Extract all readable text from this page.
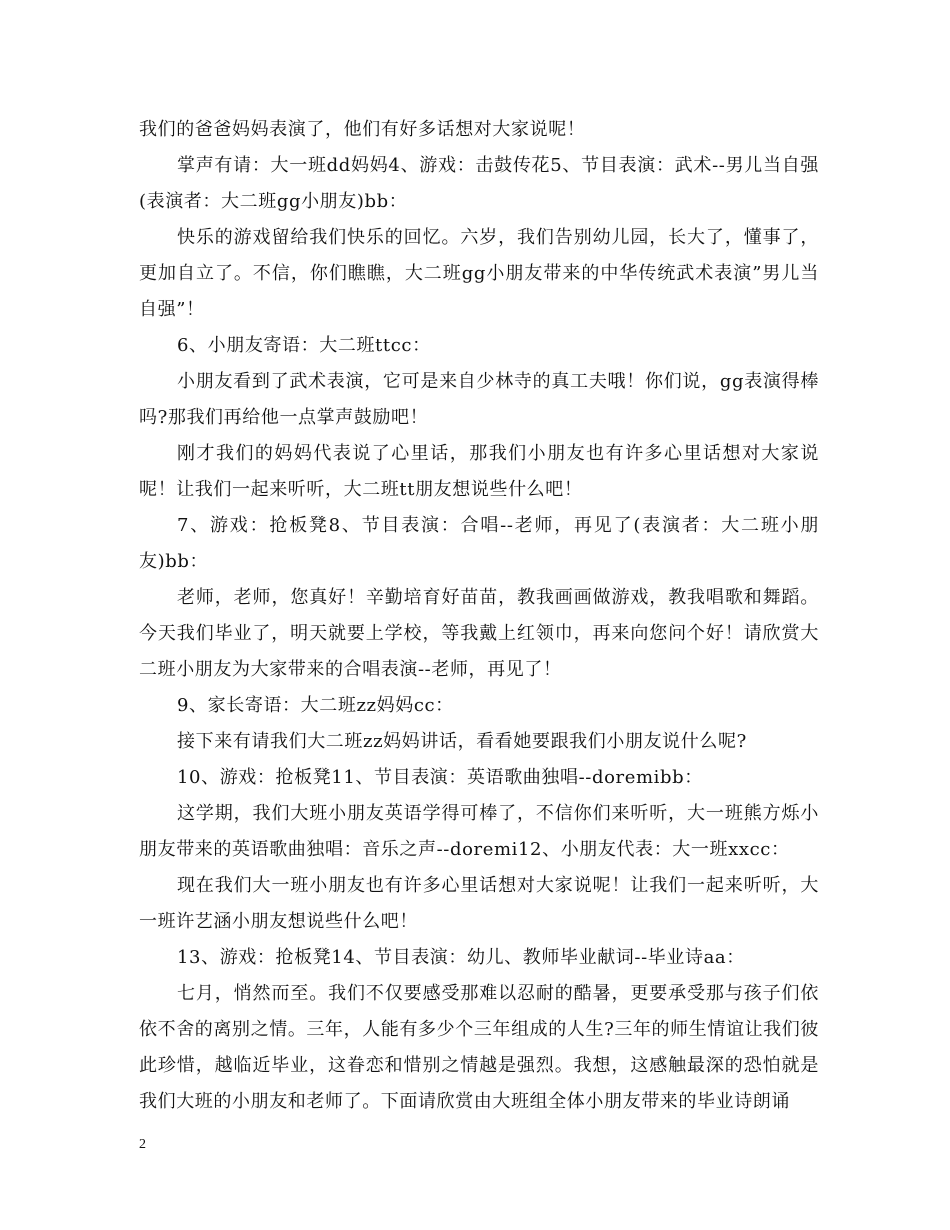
我们的爸爸妈妈表演了，他们有好多话想对大家说呢！

掌声有请：大一班dd妈妈4、游戏：击鼓传花5、节目表演：武术--男儿当自强(表演者：大二班gg小朋友)bb：

快乐的游戏留给我们快乐的回忆。六岁，我们告别幼儿园，长大了，懂事了，更加自立了。不信，你们瞧瞧，大二班gg小朋友带来的中华传统武术表演”男儿当自强”！

6、小朋友寄语：大二班ttcc：

小朋友看到了武术表演，它可是来自少林寺的真工夫哦！你们说，gg表演得棒吗?那我们再给他一点掌声鼓励吧！

刚才我们的妈妈代表说了心里话，那我们小朋友也有许多心里话想对大家说呢！让我们一起来听听，大二班tt朋友想说些什么吧！

7、游戏：抢板凳8、节目表演：合唱--老师，再见了(表演者：大二班小朋友)bb：

老师，老师，您真好！辛勤培育好苗苗，教我画画做游戏，教我唱歌和舞蹈。今天我们毕业了，明天就要上学校，等我戴上红领巾，再来向您问个好！请欣赏大二班小朋友为大家带来的合唱表演--老师，再见了！

9、家长寄语：大二班zz妈妈cc：

接下来有请我们大二班zz妈妈讲话，看看她要跟我们小朋友说什么呢?

10、游戏：抢板凳11、节目表演：英语歌曲独唱--doremibb：

这学期，我们大班小朋友英语学得可棒了，不信你们来听听，大一班熊方烁小朋友带来的英语歌曲独唱：音乐之声--doremi12、小朋友代表：大一班xxcc：

现在我们大一班小朋友也有许多心里话想对大家说呢！让我们一起来听听，大一班许艺涵小朋友想说些什么吧！

13、游戏：抢板凳14、节目表演：幼儿、教师毕业献词--毕业诗aa：

七月，悄然而至。我们不仅要感受那难以忍耐的酷暑，更要承受那与孩子们依依不舍的离别之情。三年，人能有多少个三年组成的人生?三年的师生情谊让我们彼此珍惜，越临近毕业，这眷恋和惜别之情越是强烈。我想，这感触最深的恐怕就是我们大班的小朋友和老师了。下面请欣赏由大班组全体小朋友带来的毕业诗朗诵

2
